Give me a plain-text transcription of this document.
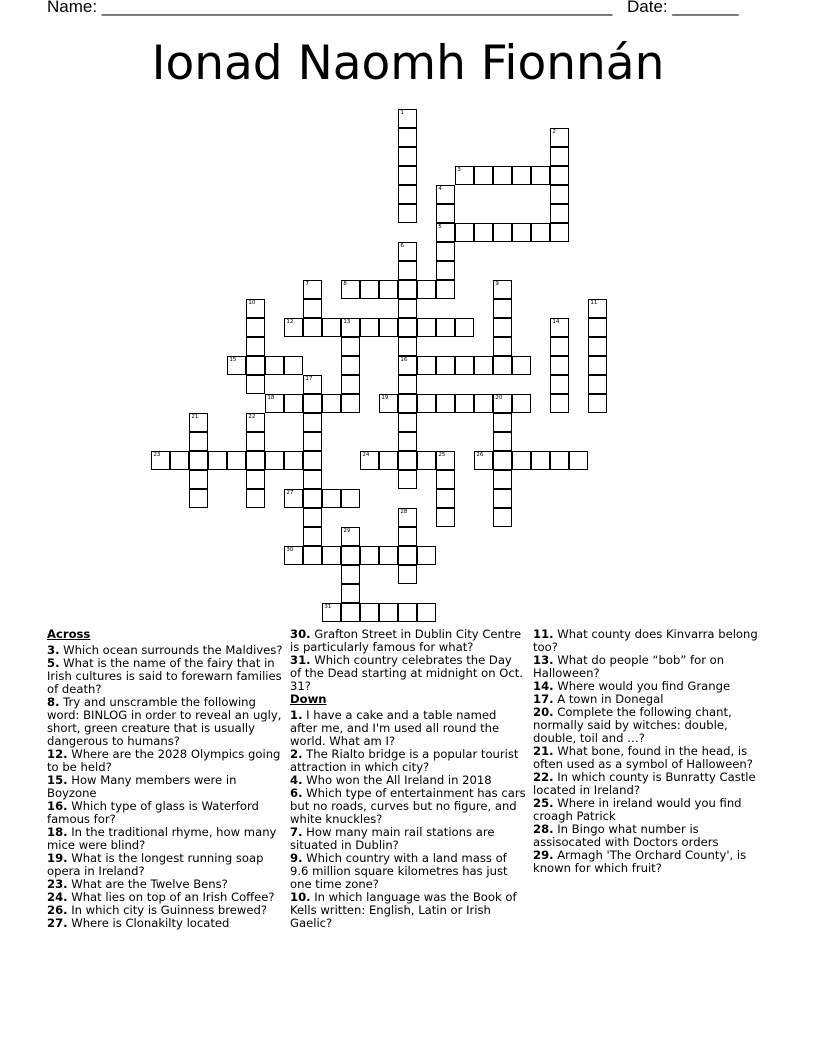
Name: ______________________________________________________ Date: _______
Ionad Naomh Fionnán
1
2
3
4
5
6
16
7	8	9
10	11
12	13	14
15
17
18	19	20
21	22
23	24	25	26
27
28
29
30
31
Across
3. Which ocean surrounds the Maldives?
5. What is the name of the fairy that in Irish cultures is said to forewarn families of death?
8. Try and unscramble the following word: BINLOG in order to reveal an ugly, short, green creature that is usually dangerous to humans?
12. Where are the 2028 Olympics going to be held?
15. How Many members were in Boyzone
16. Which type of glass is Waterford famous for?
18. In the traditional rhyme, how many mice were blind?
19. What is the longest running soap opera in Ireland?
23. What are the Twelve Bens?
24. What lies on top of an Irish Coffee?
26. In which city is Guinness brewed?
27. Where is Clonakilty located
30. Grafton Street in Dublin City Centre is particularly famous for what?
31. Which country celebrates the Day of the Dead starting at midnight on Oct. 31?
Down
1. I have a cake and a table named after me, and I'm used all round the world. What am I?
2. The Rialto bridge is a popular tourist attraction in which city?
4. Who won the All Ireland in 2018
6. Which type of entertainment has cars but no roads, curves but no figure, and white knuckles?
7. How many main rail stations are situated in Dublin?
9. Which country with a land mass of 9.6 million square kilometres has just one time zone?
10. In which language was the Book of Kells written: English, Latin or Irish Gaelic?
11. What county does Kinvarra belong too?
13. What do people “bob” for on Halloween?
14. Where would you find Grange
17. A town in Donegal
20. Complete the following chant, normally said by witches: double, double, toil and …?
21. What bone, found in the head, is often used as a symbol of Halloween?
22. In which county is Bunratty Castle located in Ireland?
25. Where in ireland would you find croagh Patrick
28. In Bingo what number is assisocated with Doctors orders
29. Armagh 'The Orchard County', is known for which fruit?
